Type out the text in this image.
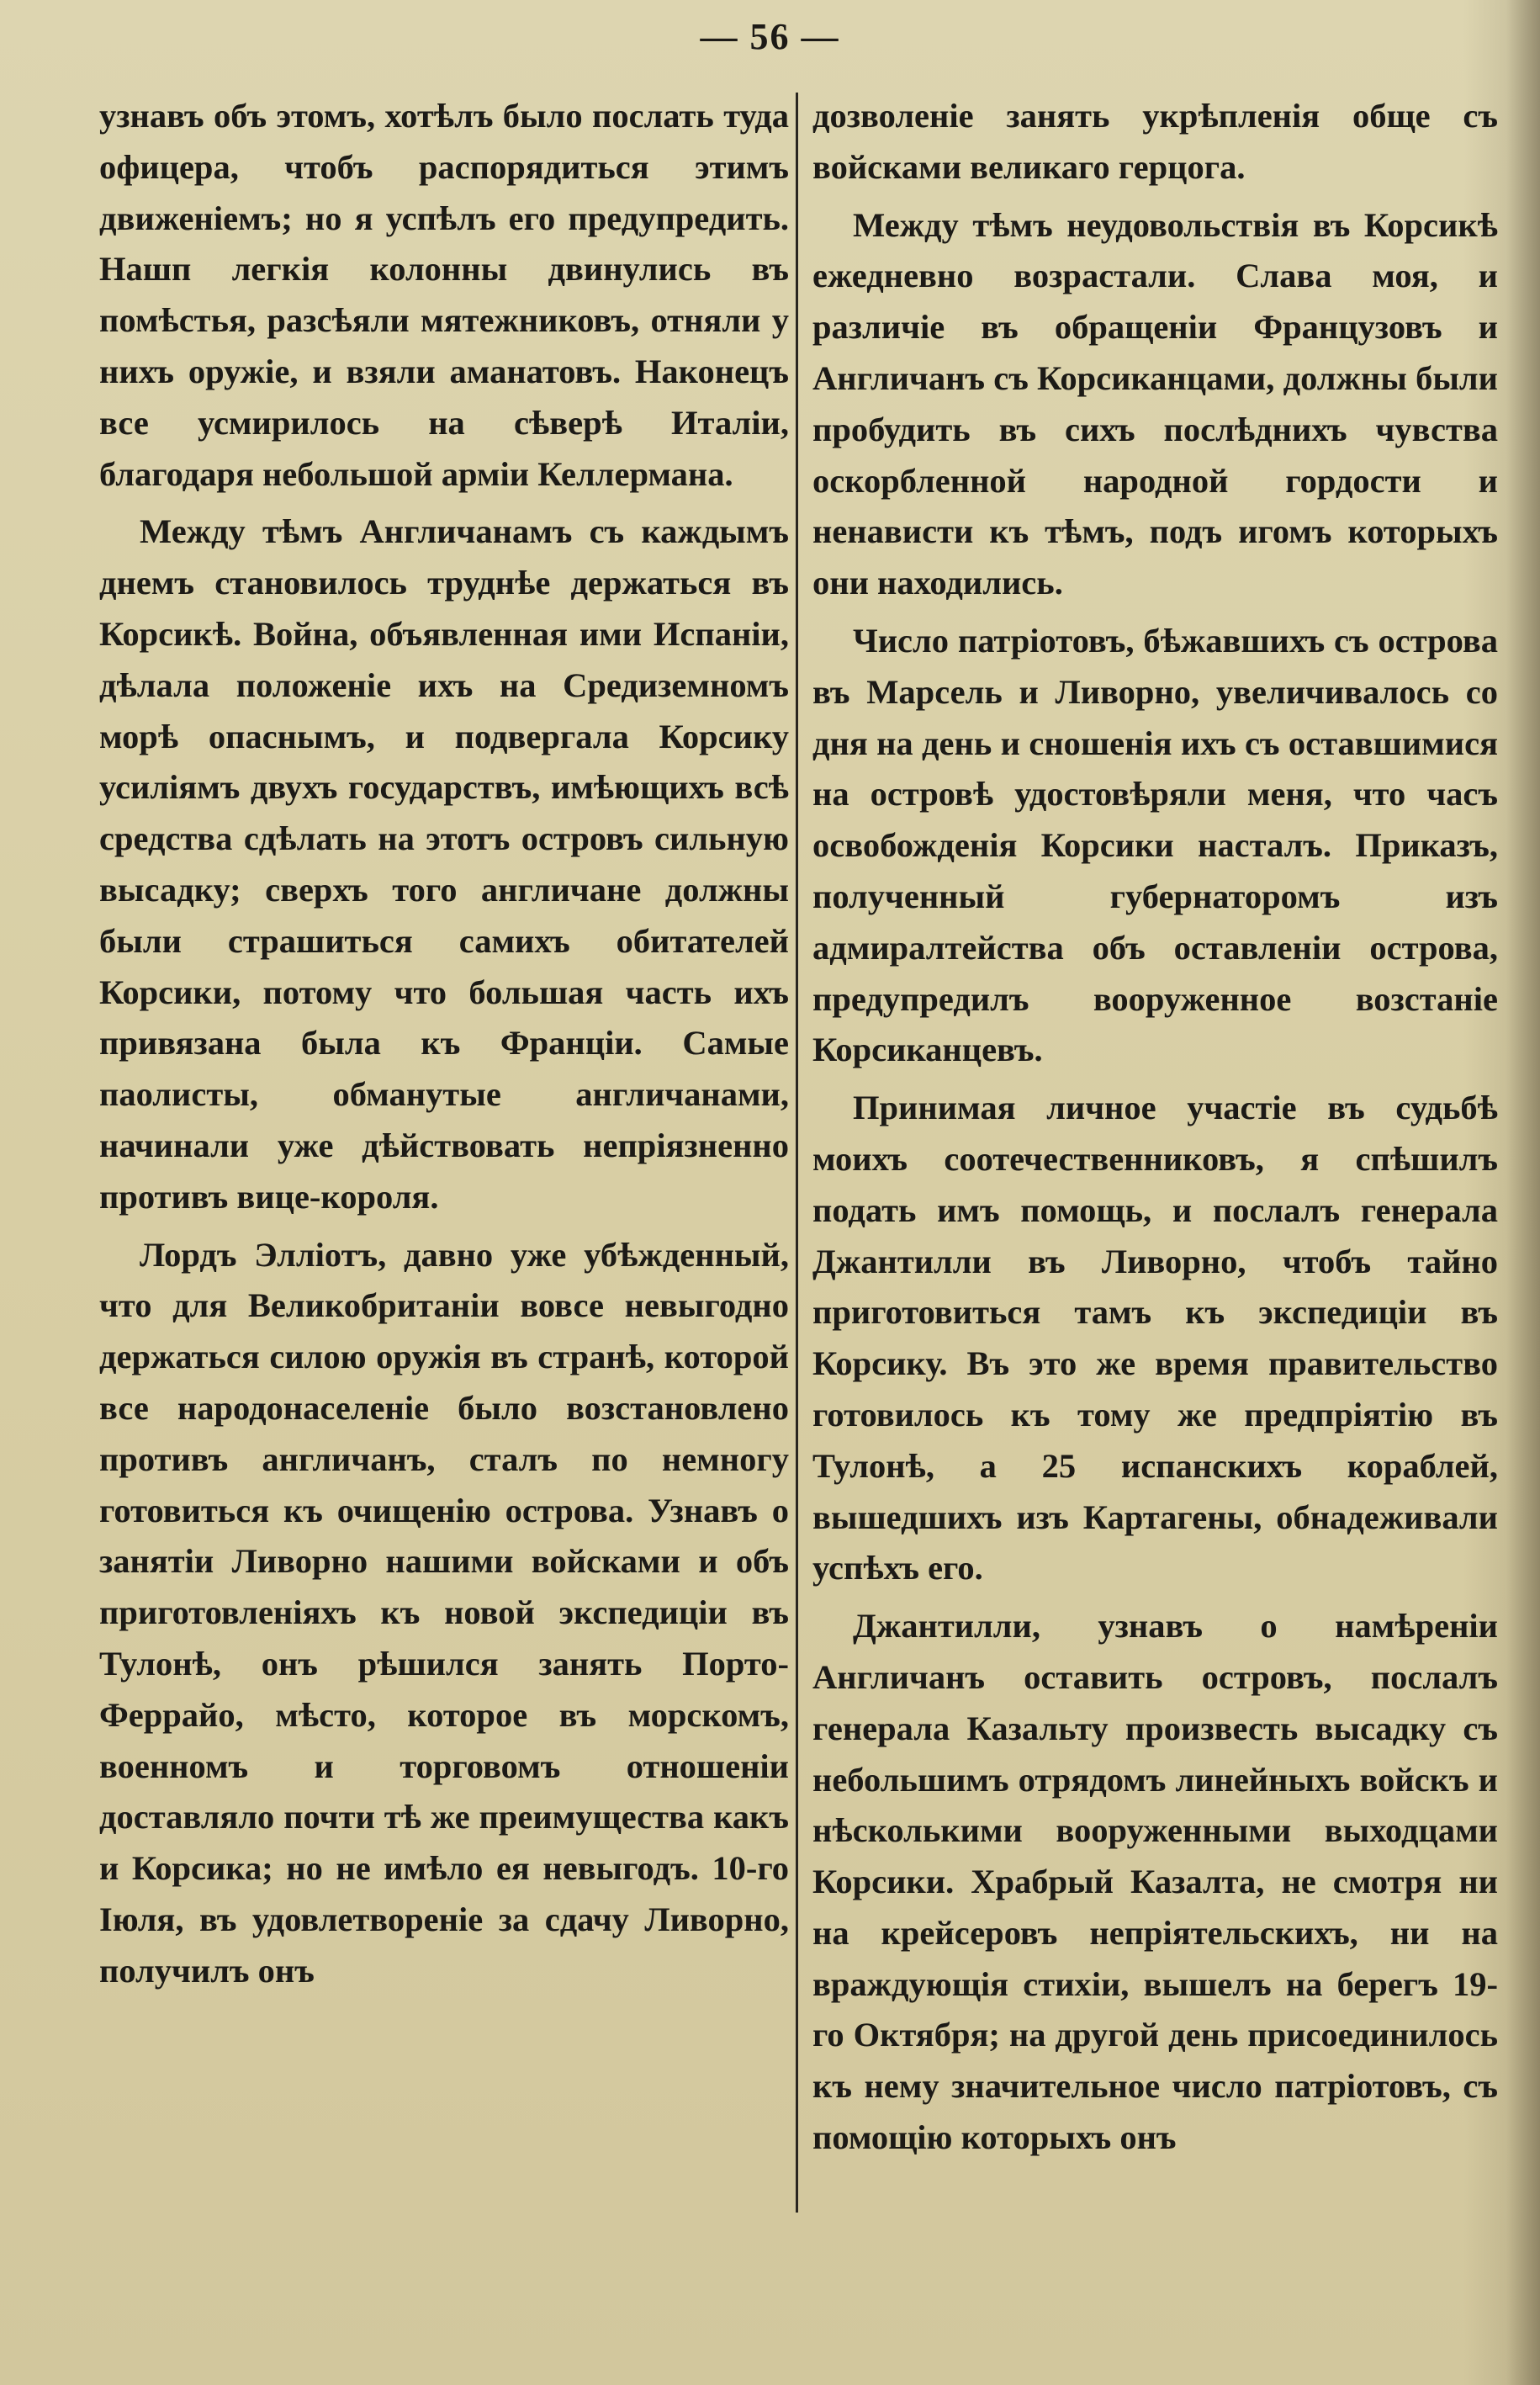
— 56 —

узнавъ объ этомъ, хотѣлъ было послать туда офицера, чтобъ распорядиться этимъ движеніемъ; но я успѣлъ его предупредить. Нашп легкія колонны двинулись въ помѣстья, разсѣяли мятежниковъ, отняли у нихъ оружіе, и взяли аманатовъ. Наконецъ все усмирилось на сѣверѣ Италіи, благодаря небольшой арміи Келлермана.

Между тѣмъ Англичанамъ съ каждымъ днемъ становилось труднѣе держаться въ Корсикѣ. Война, объявленная ими Испаніи, дѣлала положеніе ихъ на Средиземномъ морѣ опаснымъ, и подвергала Корсику усиліямъ двухъ государствъ, имѣющихъ всѣ средства сдѣлать на этотъ островъ сильную высадку; сверхъ того англичане должны были страшиться самихъ обитателей Корсики, потому что большая часть ихъ привязана была къ Франціи. Самые паолисты, обманутые англичанами, начинали уже дѣйствовать непріязненно противъ вице-короля.

Лордъ Элліотъ, давно уже убѣжденный, что для Великобританіи вовсе невыгодно держаться силою оружія въ странѣ, которой все народонаселеніе было возстановлено противъ англичанъ, сталъ по немногу готовиться къ очищенію острова. Узнавъ о занятіи Ливорно нашими войсками и объ приготовленіяхъ къ новой экспедиціи въ Тулонѣ, онъ рѣшился занять Порто-Феррайо, мѣсто, которое въ морскомъ, военномъ и торговомъ отношеніи доставляло почти тѣ же преимущества какъ и Корсика; но не имѣло ея невыгодъ. 10-го Іюля, въ удовлетвореніе за сдачу Ливорно, получилъ онъ

дозволеніе занять укрѣпленія обще съ войсками великаго герцога.

Между тѣмъ неудовольствія въ Корсикѣ ежедневно возрастали. Слава моя, и различіе въ обращеніи Французовъ и Англичанъ съ Корсиканцами, должны были пробудить въ сихъ послѣднихъ чувства оскорбленной народной гордости и ненависти къ тѣмъ, подъ игомъ которыхъ они находились.

Число патріотовъ, бѣжавшихъ съ острова въ Марсель и Ливорно, увеличивалось со дня на день и сношенія ихъ съ оставшимися на островѣ удостовѣряли меня, что часъ освобожденія Корсики насталъ. Приказъ, полученный губернаторомъ изъ адмиралтейства объ оставленіи острова, предупредилъ вооруженное возстаніе Корсиканцевъ.

Принимая личное участіе въ судьбѣ моихъ соотечественниковъ, я спѣшилъ подать имъ помощь, и послалъ генерала Джантилли въ Ливорно, чтобъ тайно приготовиться тамъ къ экспедиціи въ Корсику. Въ это же время правительство готовилось къ тому же предпріятію въ Тулонѣ, а 25 испанскихъ кораблей, вышедшихъ изъ Картагены, обнадеживали успѣхъ его.

Джантилли, узнавъ о намѣреніи Англичанъ оставить островъ, послалъ генерала Казальту произвесть высадку съ небольшимъ отрядомъ линейныхъ войскъ и нѣсколькими вооруженными выходцами Корсики. Храбрый Казалта, не смотря ни на крейсеровъ непріятельскихъ, ни на враждующія стихіи, вышелъ на берегъ 19-го Октября; на другой день присоединилось къ нему значительное число патріотовъ, съ помощію которыхъ онъ
